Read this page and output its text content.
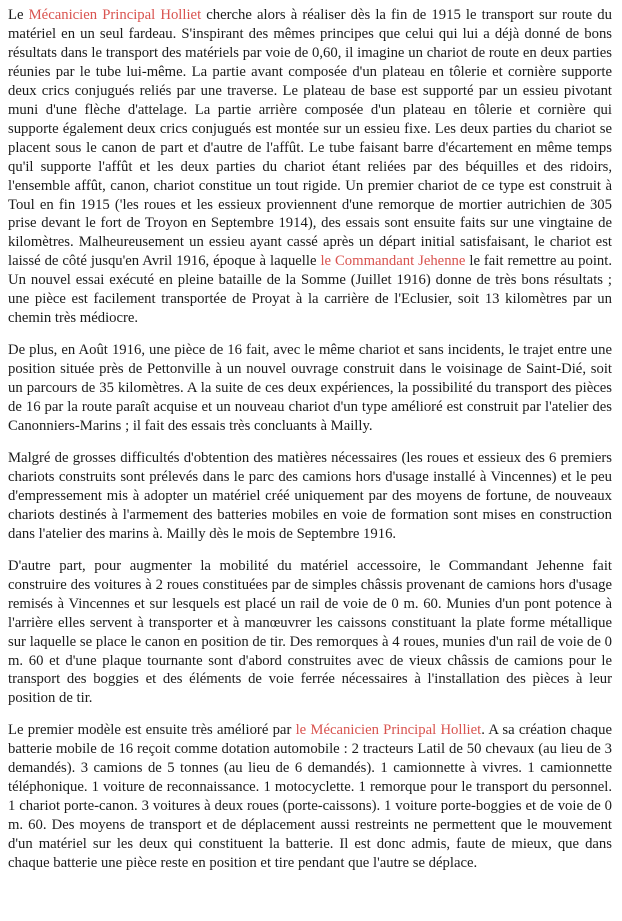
Le Mécanicien Principal Holliet cherche alors à réaliser dès la fin de 1915 le transport sur route du matériel en un seul fardeau. S'inspirant des mêmes principes que celui qui lui a déjà donné de bons résultats dans le transport des matériels par voie de 0,60, il imagine un chariot de route en deux parties réunies par le tube lui-même. La partie avant composée d'un plateau en tôlerie et cornière supporte deux crics conjugués reliés par une traverse. Le plateau de base est supporté par un essieu pivotant muni d'une flèche d'attelage. La partie arrière composée d'un plateau en tôlerie et cornière qui supporte également deux crics conjugués est montée sur un essieu fixe. Les deux parties du chariot se placent sous le canon de part et d'autre de l'affût. Le tube faisant barre d'écartement en même temps qu'il supporte l'affût et les deux parties du chariot étant reliées par des béquilles et des ridoirs, l'ensemble affût, canon, chariot constitue un tout rigide. Un premier chariot de ce type est construit à Toul en fin 1915 ('les roues et les essieux proviennent d'une remorque de mortier autrichien de 305 prise devant le fort de Troyon en Septembre 1914), des essais sont ensuite faits sur une vingtaine de kilomètres. Malheureusement un essieu ayant cassé après un départ initial satisfaisant, le chariot est laissé de côté jusqu'en Avril 1916, époque à laquelle le Commandant Jehenne le fait remettre au point. Un nouvel essai exécuté en pleine bataille de la Somme (Juillet 1916) donne de très bons résultats ; une pièce est facilement transportée de Proyat à la carrière de l'Eclusier, soit 13 kilomètres par un chemin très médiocre.
De plus, en Août 1916, une pièce de 16 fait, avec le même chariot et sans incidents, le trajet entre une position située près de Pettonville à un nouvel ouvrage construit dans le voisinage de Saint-Dié, soit un parcours de 35 kilomètres. A la suite de ces deux expériences, la possibilité du transport des pièces de 16 par la route paraît acquise et un nouveau chariot d'un type amélioré est construit par l'atelier des Canonniers-Marins ; il fait des essais très concluants à Mailly.
Malgré de grosses difficultés d'obtention des matières nécessaires (les roues et essieux des 6 premiers chariots construits sont prélevés dans le parc des camions hors d'usage installé à Vincennes) et le peu d'empressement mis à adopter un matériel créé uniquement par des moyens de fortune, de nouveaux chariots destinés à l'armement des batteries mobiles en voie de formation sont mises en construction dans l'atelier des marins à. Mailly dès le mois de Septembre 1916.
D'autre part, pour augmenter la mobilité du matériel accessoire, le Commandant Jehenne fait construire des voitures à 2 roues constituées par de simples châssis provenant de camions hors d'usage remisés à Vincennes et sur lesquels est placé un rail de voie de 0 m. 60. Munies d'un pont potence à l'arrière elles servent à transporter et à manœuvrer les caissons constituant la plate forme métallique sur laquelle se place le canon en position de tir. Des remorques à 4 roues, munies d'un rail de voie de 0 m. 60 et d'une plaque tournante sont d'abord construites avec de vieux châssis de camions pour le transport des boggies et des éléments de voie ferrée nécessaires à l'installation des pièces à leur position de tir.
Le premier modèle est ensuite très amélioré par le Mécanicien Principal Holliet. A sa création chaque batterie mobile de 16 reçoit comme dotation automobile : 2 tracteurs Latil de 50 chevaux (au lieu de 3 demandés). 3 camions de 5 tonnes (au lieu de 6 demandés). 1 camionnette à vivres. 1 camionnette téléphonique. 1 voiture de reconnaissance. 1 motocyclette. 1 remorque pour le transport du personnel. 1 chariot porte-canon. 3 voitures à deux roues (porte-caissons). 1 voiture porte-boggies et de voie de 0 m. 60. Des moyens de transport et de déplacement aussi restreints ne permettent que le mouvement d'un matériel sur les deux qui constituent la batterie. Il est donc admis, faute de mieux, que dans chaque batterie une pièce reste en position et tire pendant que l'autre se déplace.
